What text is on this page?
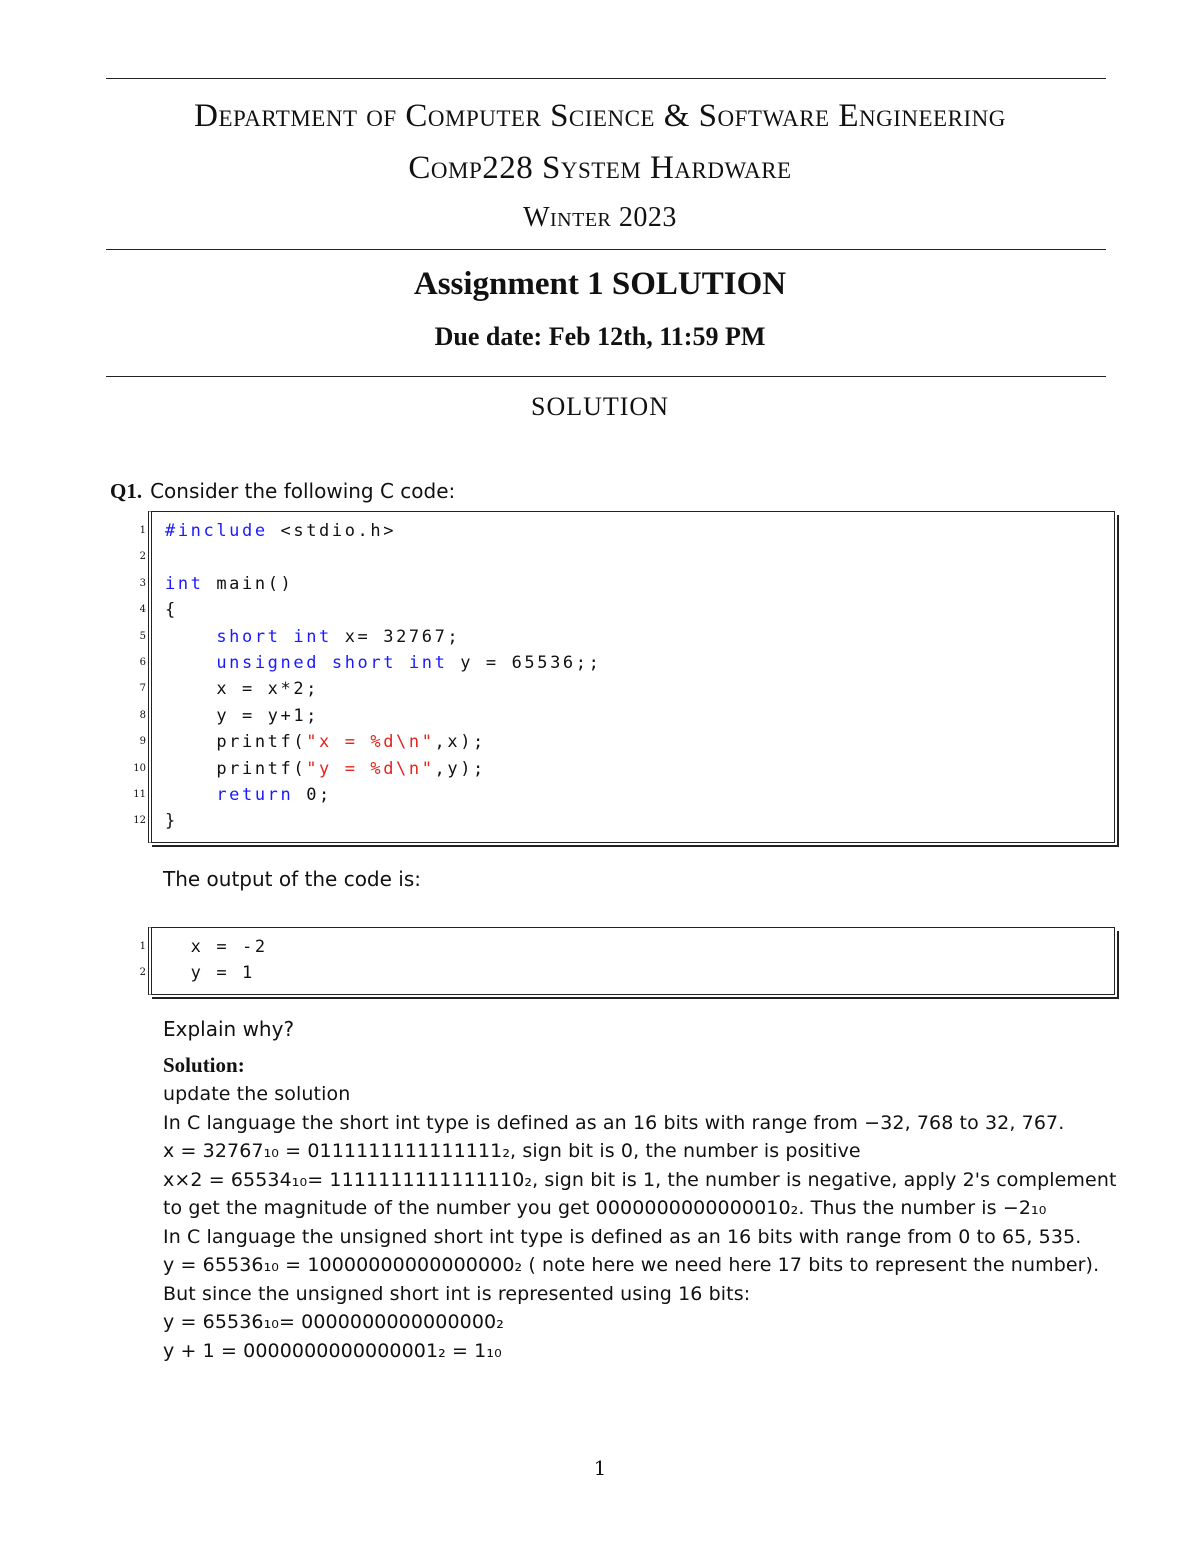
Department of Computer Science & Software Engineering
Comp228 System Hardware
Winter 2023
Assignment 1 SOLUTION
Due date: Feb 12th, 11:59 PM
SOLUTION
Q1. Consider the following C code:
1 #include <stdio.h>
2
3 int main()
4 {
5	short int x= 32767;
6	unsigned short int y = 65536;;
7 x = x*2;
8 y = y+1;
9 printf("x = %d\n",x);
10 printf("y = %d\n",y);
11	return 0;
12 }
The output of the code is:
1 x = -2
2 y = 1
Explain why?
Solution:
update the solution
In C language the short int type is defined as an 16 bits with range from −32, 768 to 32, 767.
x = 32767₁₀ = 0111111111111111₂, sign bit is 0, the number is positive
x×2 = 65534₁₀= 1111111111111110₂, sign bit is 1, the number is negative, apply 2's complement
to get the magnitude of the number you get 0000000000000010₂. Thus the number is −2₁₀
In C language the unsigned short int type is defined as an 16 bits with range from 0 to 65, 535.
y = 65536₁₀ = 10000000000000000₂ ( note here we need here 17 bits to represent the number).
But since the unsigned short int is represented using 16 bits:
y = 65536₁₀= 0000000000000000₂
y + 1 = 0000000000000001₂ = 1₁₀
1
